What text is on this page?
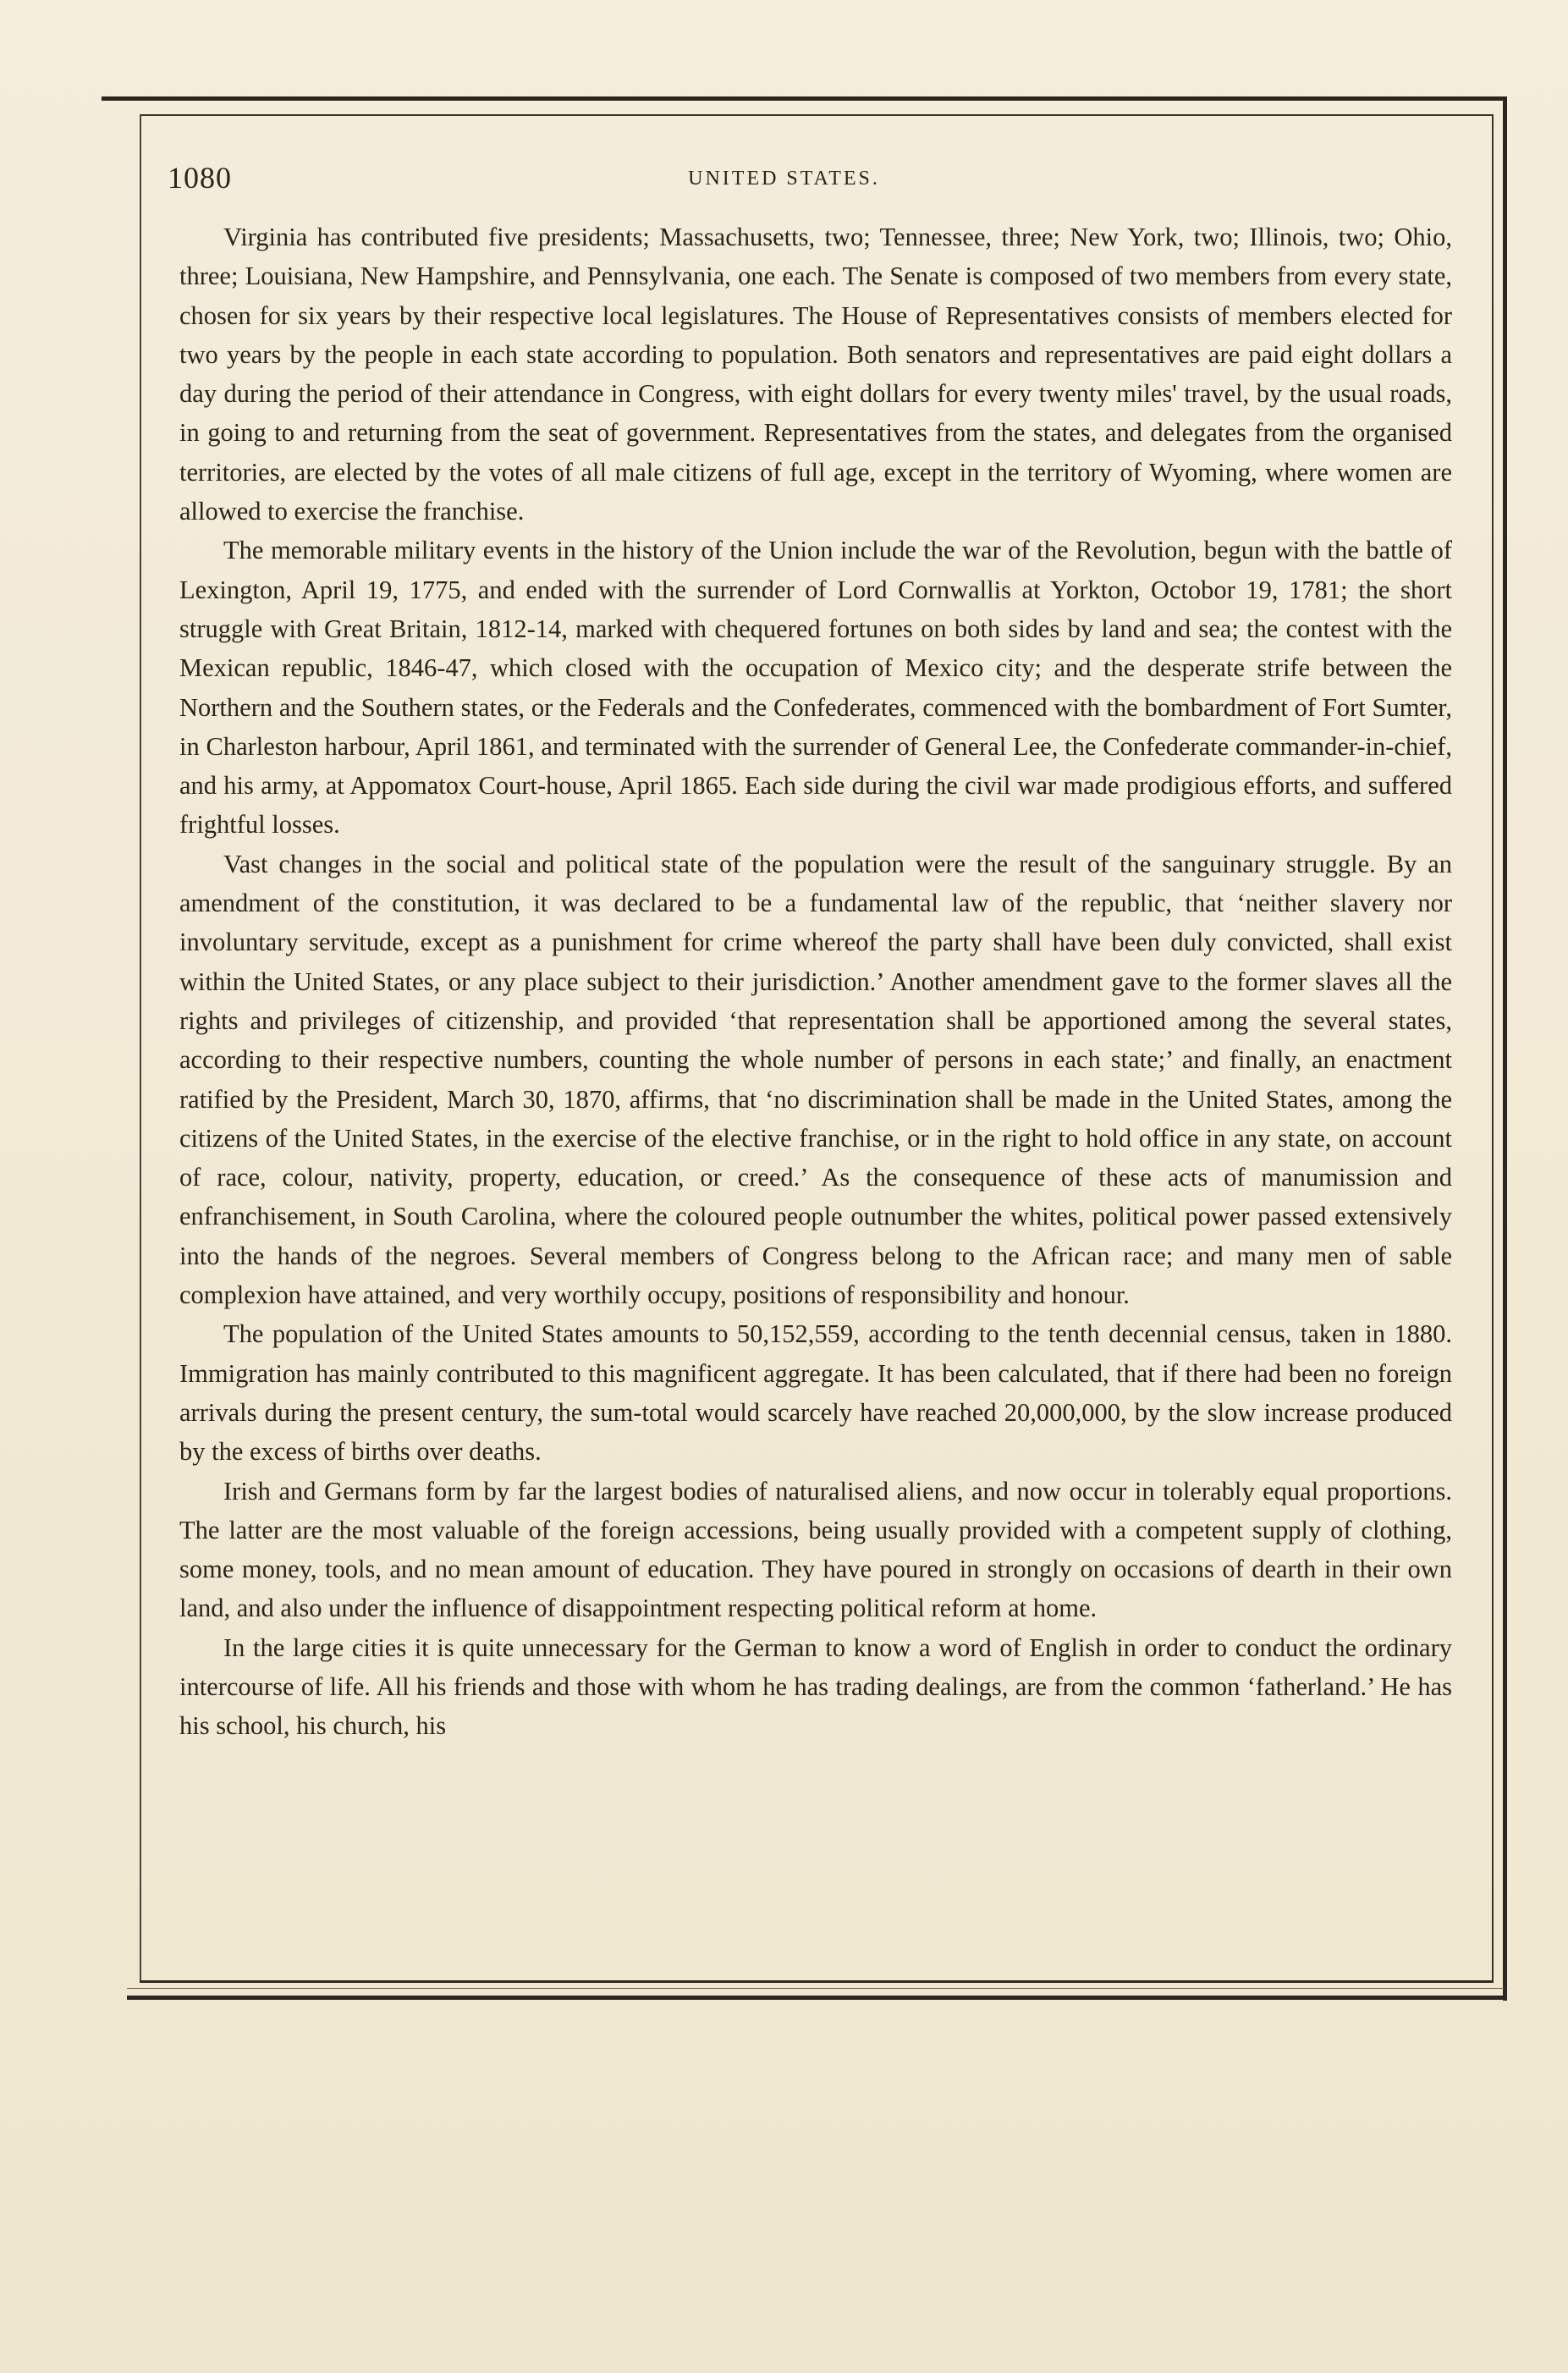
1080	UNITED STATES.

Virginia has contributed five presidents; Massachusetts, two; Tennessee, three; New York, two; Illinois, two; Ohio, three; Louisiana, New Hampshire, and Pennsylvania, one each. The Senate is composed of two members from every state, chosen for six years by their respective local legislatures. The House of Representatives consists of members elected for two years by the people in each state according to population. Both senators and representatives are paid eight dollars a day during the period of their attendance in Congress, with eight dollars for every twenty miles' travel, by the usual roads, in going to and returning from the seat of government. Representatives from the states, and delegates from the organised territories, are elected by the votes of all male citizens of full age, except in the territory of Wyoming, where women are allowed to exercise the franchise.

The memorable military events in the history of the Union include the war of the Revolution, begun with the battle of Lexington, April 19, 1775, and ended with the surrender of Lord Cornwallis at Yorkton, Octobor 19, 1781; the short struggle with Great Britain, 1812-14, marked with chequered fortunes on both sides by land and sea; the contest with the Mexican republic, 1846-47, which closed with the occupation of Mexico city; and the desperate strife between the Northern and the Southern states, or the Federals and the Confederates, commenced with the bombardment of Fort Sumter, in Charleston harbour, April 1861, and terminated with the surrender of General Lee, the Confederate commander-in-chief, and his army, at Appomatox Court-house, April 1865. Each side during the civil war made prodigious efforts, and suffered frightful losses.

Vast changes in the social and political state of the population were the result of the sanguinary struggle. By an amendment of the constitution, it was declared to be a fundamental law of the republic, that ‘neither slavery nor involuntary servitude, except as a punishment for crime whereof the party shall have been duly convicted, shall exist within the United States, or any place subject to their jurisdiction.’ Another amendment gave to the former slaves all the rights and privileges of citizenship, and provided ‘that representation shall be apportioned among the several states, according to their respective numbers, counting the whole number of persons in each state;’ and finally, an enactment ratified by the President, March 30, 1870, affirms, that ‘no discrimination shall be made in the United States, among the citizens of the United States, in the exercise of the elective franchise, or in the right to hold office in any state, on account of race, colour, nativity, property, education, or creed.’ As the consequence of these acts of manumission and enfranchisement, in South Carolina, where the coloured people outnumber the whites, political power passed extensively into the hands of the negroes. Several members of Congress belong to the African race; and many men of sable complexion have attained, and very worthily occupy, positions of responsibility and honour.

The population of the United States amounts to 50,152,559, according to the tenth decennial census, taken in 1880. Immigration has mainly contributed to this magnificent aggregate. It has been calculated, that if there had been no foreign arrivals during the present century, the sum-total would scarcely have reached 20,000,000, by the slow increase produced by the excess of births over deaths.

Irish and Germans form by far the largest bodies of naturalised aliens, and now occur in tolerably equal proportions. The latter are the most valuable of the foreign accessions, being usually provided with a competent supply of clothing, some money, tools, and no mean amount of education. They have poured in strongly on occasions of dearth in their own land, and also under the influence of disappointment respecting political reform at home.

In the large cities it is quite unnecessary for the German to know a word of English in order to conduct the ordinary intercourse of life. All his friends and those with whom he has trading dealings, are from the common ‘fatherland.’ He has his school, his church, his
